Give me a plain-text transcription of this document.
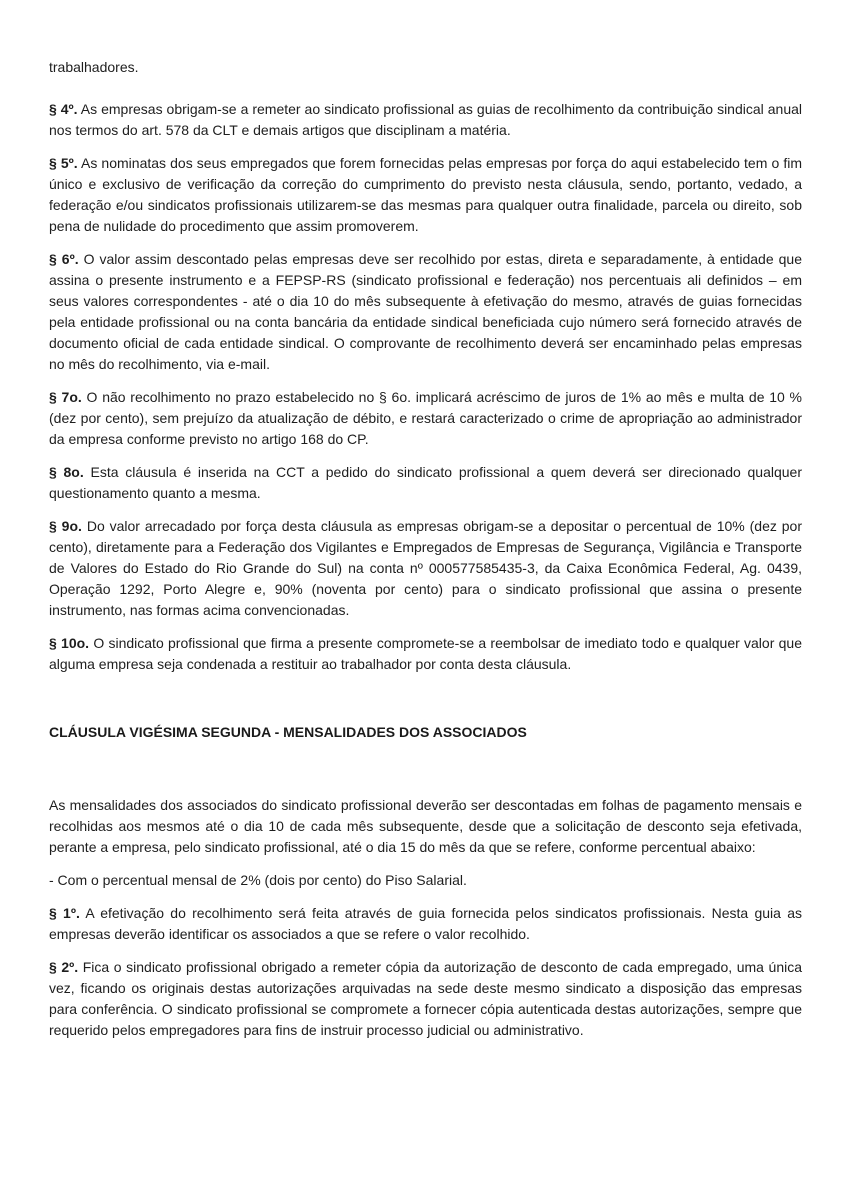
trabalhadores.

§ 4º. As empresas obrigam-se a remeter ao sindicato profissional as guias de recolhimento da contribuição sindical anual nos termos do art. 578 da CLT e demais artigos que disciplinam a matéria.

§ 5º. As nominatas dos seus empregados que forem fornecidas pelas empresas por força do aqui estabelecido tem o fim único e exclusivo de verificação da correção do cumprimento do previsto nesta cláusula, sendo, portanto, vedado, a federação e/ou sindicatos profissionais utilizarem-se das mesmas para qualquer outra finalidade, parcela ou direito, sob pena de nulidade do procedimento que assim promoverem.

§ 6º. O valor assim descontado pelas empresas deve ser recolhido por estas, direta e separadamente, à entidade que assina o presente instrumento e a FEPSP-RS (sindicato profissional e federação) nos percentuais ali definidos – em seus valores correspondentes - até o dia 10 do mês subsequente à efetivação do mesmo, através de guias fornecidas pela entidade profissional ou na conta bancária da entidade sindical beneficiada cujo número será fornecido através de documento oficial de cada entidade sindical. O comprovante de recolhimento deverá ser encaminhado pelas empresas no mês do recolhimento, via e-mail.

§ 7o. O não recolhimento no prazo estabelecido no § 6o. implicará acréscimo de juros de 1% ao mês e multa de 10 % (dez por cento), sem prejuízo da atualização de débito, e restará caracterizado o crime de apropriação ao administrador da empresa conforme previsto no artigo 168 do CP.

§ 8o. Esta cláusula é inserida na CCT a pedido do sindicato profissional a quem deverá ser direcionado qualquer questionamento quanto a mesma.

§ 9o. Do valor arrecadado por força desta cláusula as empresas obrigam-se a depositar o percentual de 10% (dez por cento), diretamente para a Federação dos Vigilantes e Empregados de Empresas de Segurança, Vigilância e Transporte de Valores do Estado do Rio Grande do Sul) na conta nº 000577585435-3, da Caixa Econômica Federal, Ag. 0439, Operação 1292, Porto Alegre e, 90% (noventa por cento) para o sindicato profissional que assina o presente instrumento, nas formas acima convencionadas.

§ 10o. O sindicato profissional que firma a presente compromete-se a reembolsar de imediato todo e qualquer valor que alguma empresa seja condenada a restituir ao trabalhador por conta desta cláusula.

CLÁUSULA VIGÉSIMA SEGUNDA - MENSALIDADES DOS ASSOCIADOS

As mensalidades dos associados do sindicato profissional deverão ser descontadas em folhas de pagamento mensais e recolhidas aos mesmos até o dia 10 de cada mês subsequente, desde que a solicitação de desconto seja efetivada, perante a empresa, pelo sindicato profissional, até o dia 15 do mês da que se refere, conforme percentual abaixo:

- Com o percentual mensal de 2% (dois por cento) do Piso Salarial.

§ 1º. A efetivação do recolhimento será feita através de guia fornecida pelos sindicatos profissionais. Nesta guia as empresas deverão identificar os associados a que se refere o valor recolhido.

§ 2º. Fica o sindicato profissional obrigado a remeter cópia da autorização de desconto de cada empregado, uma única vez, ficando os originais destas autorizações arquivadas na sede deste mesmo sindicato a disposição das empresas para conferência. O sindicato profissional se compromete a fornecer cópia autenticada destas autorizações, sempre que requerido pelos empregadores para fins de instruir processo judicial ou administrativo.
